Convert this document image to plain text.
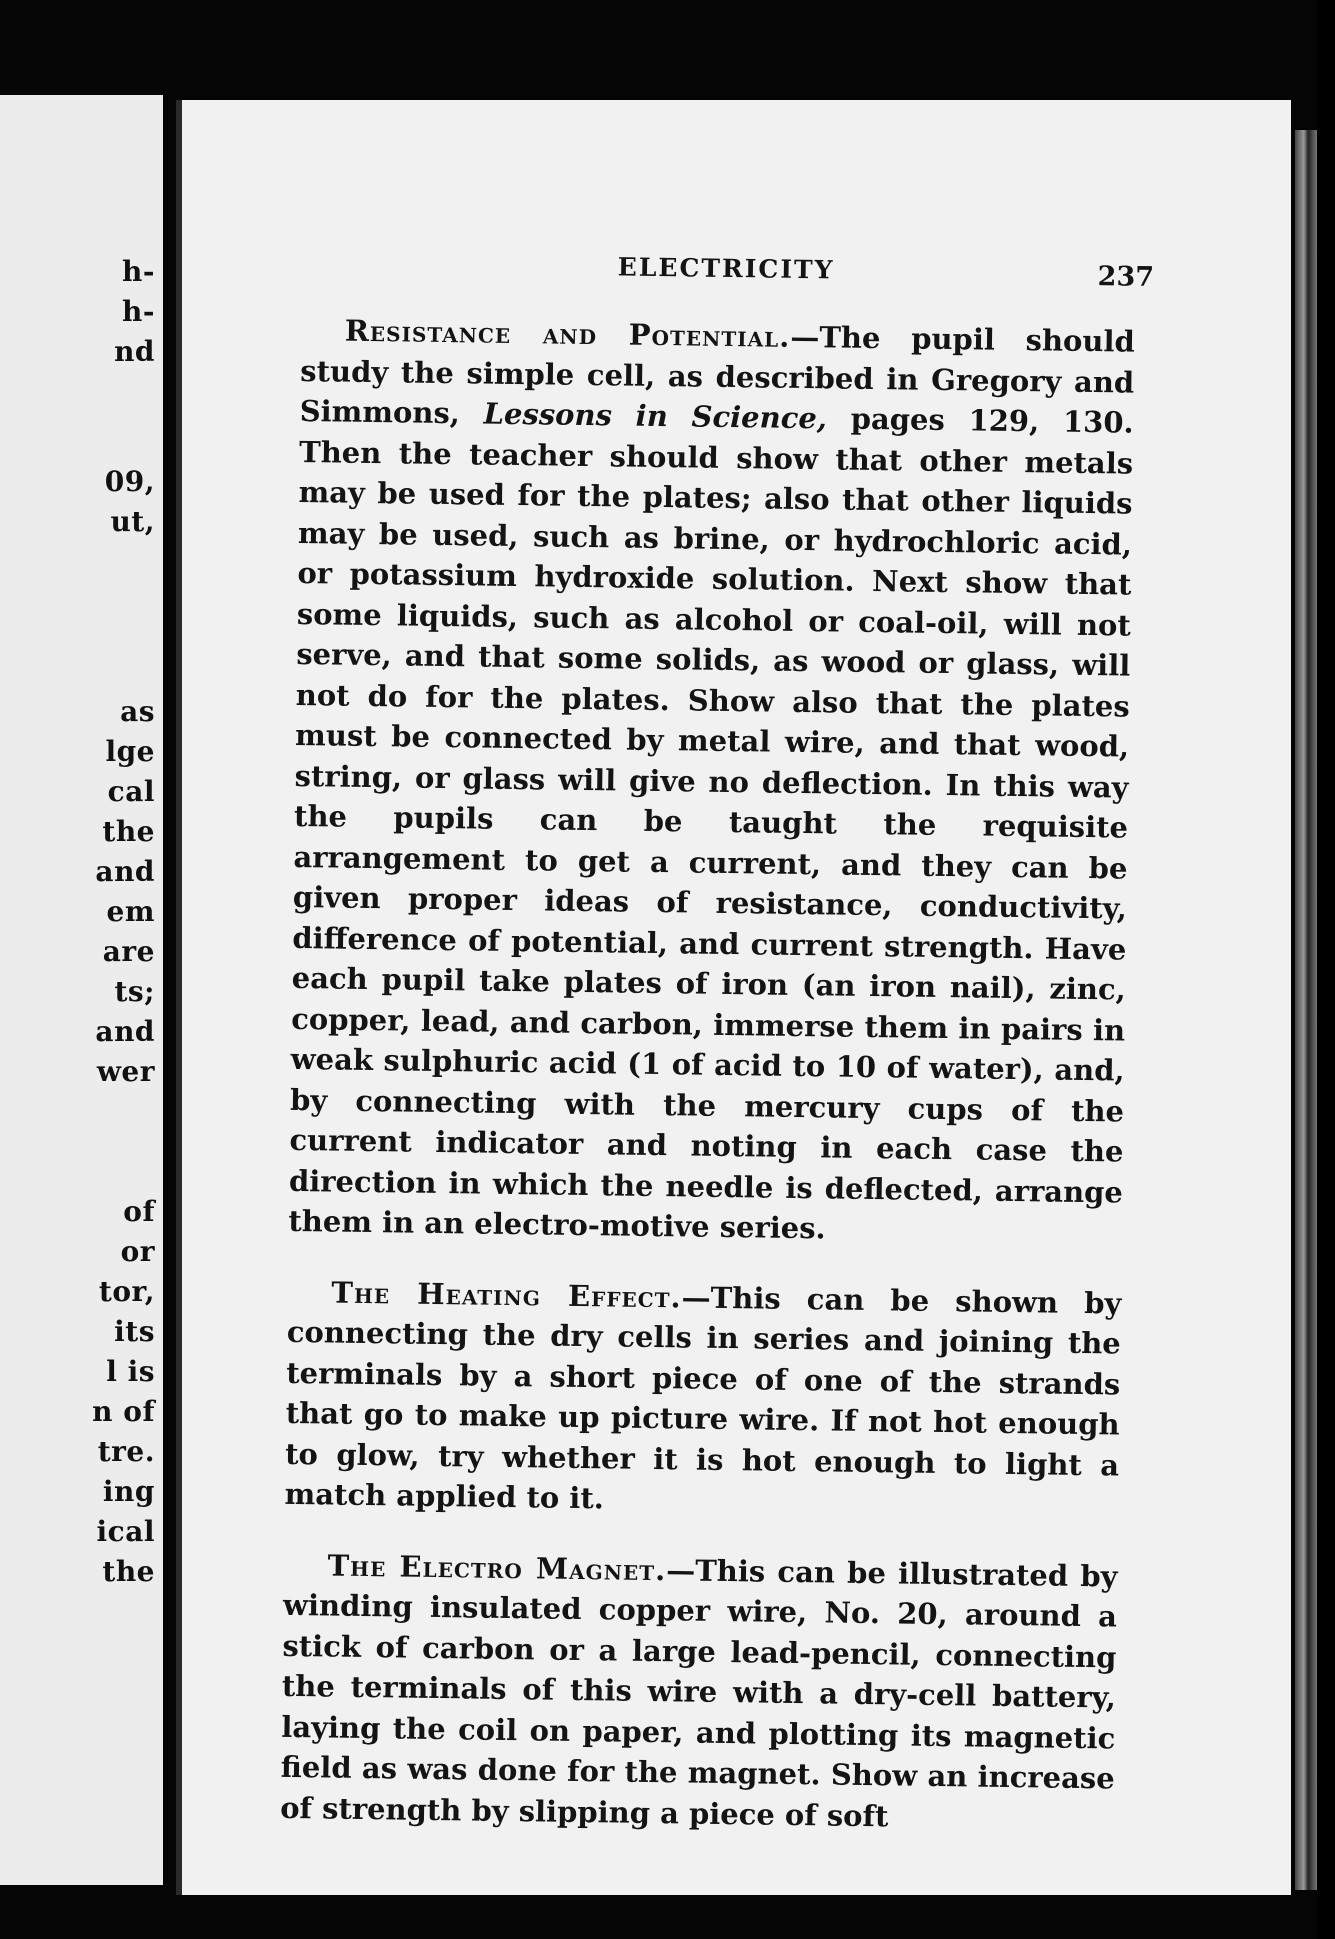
h-
h-
nd
09,
ut,
as
lge
cal
the
and
em
are
ts;
and
wer
of
or
tor,
its
l is
n of
tre.
ing
ical
the
ELECTRICITY	237

Resistance and Potential.—The pupil should study the simple cell, as described in Gregory and Simmons, Lessons in Science, pages 129, 130. Then the teacher should show that other metals may be used for the plates; also that other liquids may be used, such as brine, or hydrochloric acid, or potassium hydroxide solution. Next show that some liquids, such as alcohol or coal-oil, will not serve, and that some solids, as wood or glass, will not do for the plates. Show also that the plates must be connected by metal wire, and that wood, string, or glass will give no deflection. In this way the pupils can be taught the requisite arrangement to get a current, and they can be given proper ideas of resistance, conductivity, difference of potential, and current strength. Have each pupil take plates of iron (an iron nail), zinc, copper, lead, and carbon, immerse them in pairs in weak sulphuric acid (1 of acid to 10 of water), and, by connecting with the mercury cups of the current indicator and noting in each case the direction in which the needle is deflected, arrange them in an electro-motive series.

The Heating Effect.—This can be shown by connecting the dry cells in series and joining the terminals by a short piece of one of the strands that go to make up picture wire. If not hot enough to glow, try whether it is hot enough to light a match applied to it.

The Electro Magnet.—This can be illustrated by winding insulated copper wire, No. 20, around a stick of carbon or a large lead-pencil, connecting the terminals of this wire with a dry-cell battery, laying the coil on paper, and plotting its magnetic field as was done for the magnet. Show an increase of strength by slipping a piece of soft
